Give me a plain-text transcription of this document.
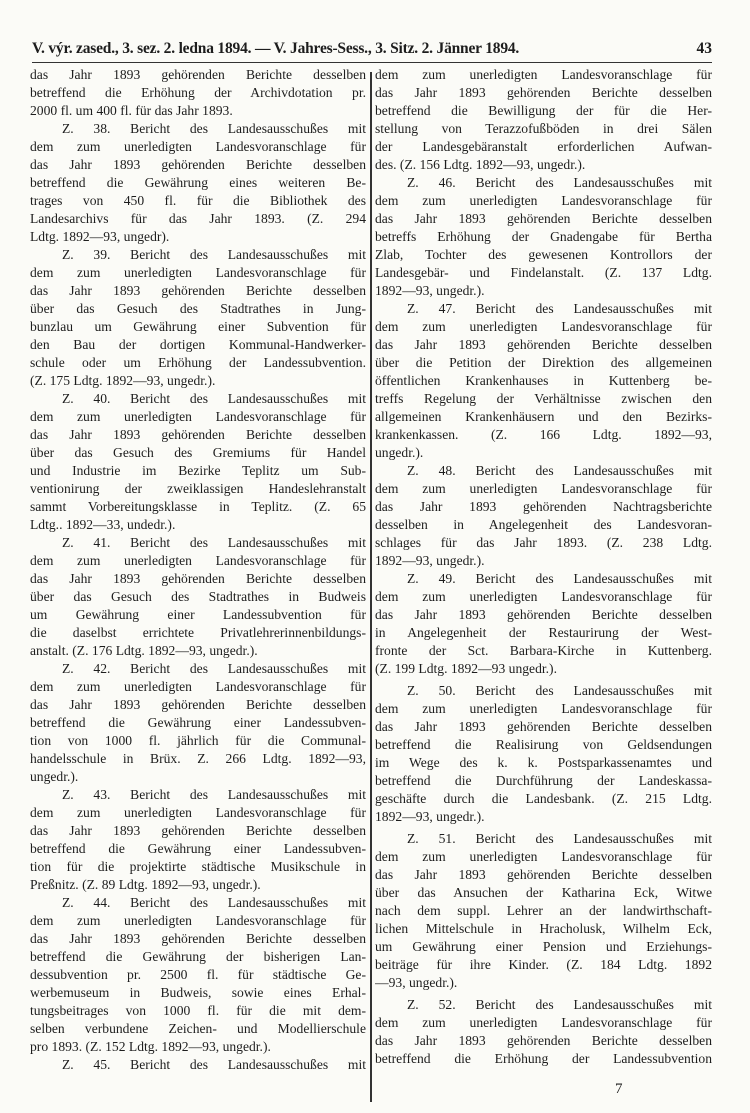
V. výr. zased., 3. sez. 2. ledna 1894. — V. Jahres-Sess., 3. Sitz. 2. Jänner 1894.	43
das Jahr 1893 gehörenden Berichte desselben
betreffend die Erhöhung der Archivdotation pr.
2000 fl. um 400 fl. für das Jahr 1893.
Z. 38. Bericht des Landesausschußes mit
dem zum unerledigten Landesvoranschlage für
das Jahr 1893 gehörenden Berichte desselben
betreffend die Gewährung eines weiteren Be-
trages von 450 fl. für die Bibliothek des
Landesarchivs für das Jahr 1893. (Z. 294
Ldtg. 1892—93, ungedr).
Z. 39. Bericht des Landesausschußes mit
dem zum unerledigten Landesvoranschlage für
das Jahr 1893 gehörenden Berichte desselben
über das Gesuch des Stadtrathes in Jung-
bunzlau um Gewährung einer Subvention für
den Bau der dortigen Kommunal-Handwerker-
schule oder um Erhöhung der Landessubvention.
(Z. 175 Ldtg. 1892—93, ungedr.).
Z. 40. Bericht des Landesausschußes mit
dem zum unerledigten Landesvoranschlage für
das Jahr 1893 gehörenden Berichte desselben
über das Gesuch des Gremiums für Handel
und Industrie im Bezirke Teplitz um Sub-
ventionirung der zweiklassigen Handeslehranstalt
sammt Vorbereitungsklasse in Teplitz. (Z. 65
Ldtg.. 1892—33, undedr.).
Z. 41. Bericht des Landesausschußes mit
dem zum unerledigten Landesvoranschlage für
das Jahr 1893 gehörenden Berichte desselben
über das Gesuch des Stadtrathes in Budweis
um Gewährung einer Landessubvention für
die daselbst errichtete Privatlehrerinnenbildungs-
anstalt. (Z. 176 Ldtg. 1892—93, ungedr.).
Z. 42. Bericht des Landesausschußes mit
dem zum unerledigten Landesvoranschlage für
das Jahr 1893 gehörenden Berichte desselben
betreffend die Gewährung einer Landessubven-
tion von 1000 fl. jährlich für die Communal-
handelsschule in Brüx. Z. 266 Ldtg. 1892—93,
ungedr.).
Z. 43. Bericht des Landesausschußes mit
dem zum unerledigten Landesvoranschlage für
das Jahr 1893 gehörenden Berichte desselben
betreffend die Gewährung einer Landessubven-
tion für die projektirte städtische Musikschule in
Preßnitz. (Z. 89 Ldtg. 1892—93, ungedr.).
Z. 44. Bericht des Landesausschußes mit
dem zum unerledigten Landesvoranschlage für
das Jahr 1893 gehörenden Berichte desselben
betreffend die Gewährung der bisherigen Lan-
dessubvention pr. 2500 fl. für städtische Ge-
werbemuseum in Budweis, sowie eines Erhal-
tungsbeitrages von 1000 fl. für die mit dem-
selben verbundene Zeichen- und Modellierschule
pro 1893. (Z. 152 Ldtg. 1892—93, ungedr.).
Z. 45. Bericht des Landesausschußes mit
dem zum unerledigten Landesvoranschlage für
das Jahr 1893 gehörenden Berichte desselben
betreffend die Bewilligung der für die Her-
stellung von Terazzofußböden in drei Sälen
der Landesgebäranstalt erforderlichen Aufwan-
des. (Z. 156 Ldtg. 1892—93, ungedr.).
Z. 46. Bericht des Landesausschußes mit
dem zum unerledigten Landesvoranschlage für
das Jahr 1893 gehörenden Berichte desselben
betreffs Erhöhung der Gnadengabe für Bertha
Zlab, Tochter des gewesenen Kontrollors der
Landesgebär- und Findelanstalt. (Z. 137 Ldtg.
1892—93, ungedr.).
Z. 47. Bericht des Landesausschußes mit
dem zum unerledigten Landesvoranschlage für
das Jahr 1893 gehörenden Berichte desselben
über die Petition der Direktion des allgemeinen
öffentlichen Krankenhauses in Kuttenberg be-
treffs Regelung der Verhältnisse zwischen den
allgemeinen Krankenhäusern und den Bezirks-
krankenkassen. (Z. 166 Ldtg. 1892—93,
ungedr.).
Z. 48. Bericht des Landesausschußes mit
dem zum unerledigten Landesvoranschlage für
das Jahr 1893 gehörenden Nachtragsberichte
desselben in Angelegenheit des Landesvoran-
schlages für das Jahr 1893. (Z. 238 Ldtg.
1892—93, ungedr.).
Z. 49. Bericht des Landesausschußes mit
dem zum unerledigten Landesvoranschlage für
das Jahr 1893 gehörenden Berichte desselben
in Angelegenheit der Restaurirung der West-
fronte der Sct. Barbara-Kirche in Kuttenberg.
(Z. 199 Ldtg. 1892—93 ungedr.).
Z. 50. Bericht des Landesausschußes mit
dem zum unerledigten Landesvoranschlage für
das Jahr 1893 gehörenden Berichte desselben
betreffend die Realisirung von Geldsendungen
im Wege des k. k. Postsparkassenamtes und
betreffend die Durchführung der Landeskassa-
geschäfte durch die Landesbank. (Z. 215 Ldtg.
1892—93, ungedr.).
Z. 51. Bericht des Landesausschußes mit
dem zum unerledigten Landesvoranschlage für
das Jahr 1893 gehörenden Berichte desselben
über das Ansuchen der Katharina Eck, Witwe
nach dem suppl. Lehrer an der landwirthschaft-
lichen Mittelschule in Hracholusk, Wilhelm Eck,
um Gewährung einer Pension und Erziehungs-
beiträge für ihre Kinder. (Z. 184 Ldtg. 1892
—93, ungedr.).
Z. 52. Bericht des Landesausschußes mit
dem zum unerledigten Landesvoranschlage für
das Jahr 1893 gehörenden Berichte desselben
betreffend die Erhöhung der Landessubvention
7
